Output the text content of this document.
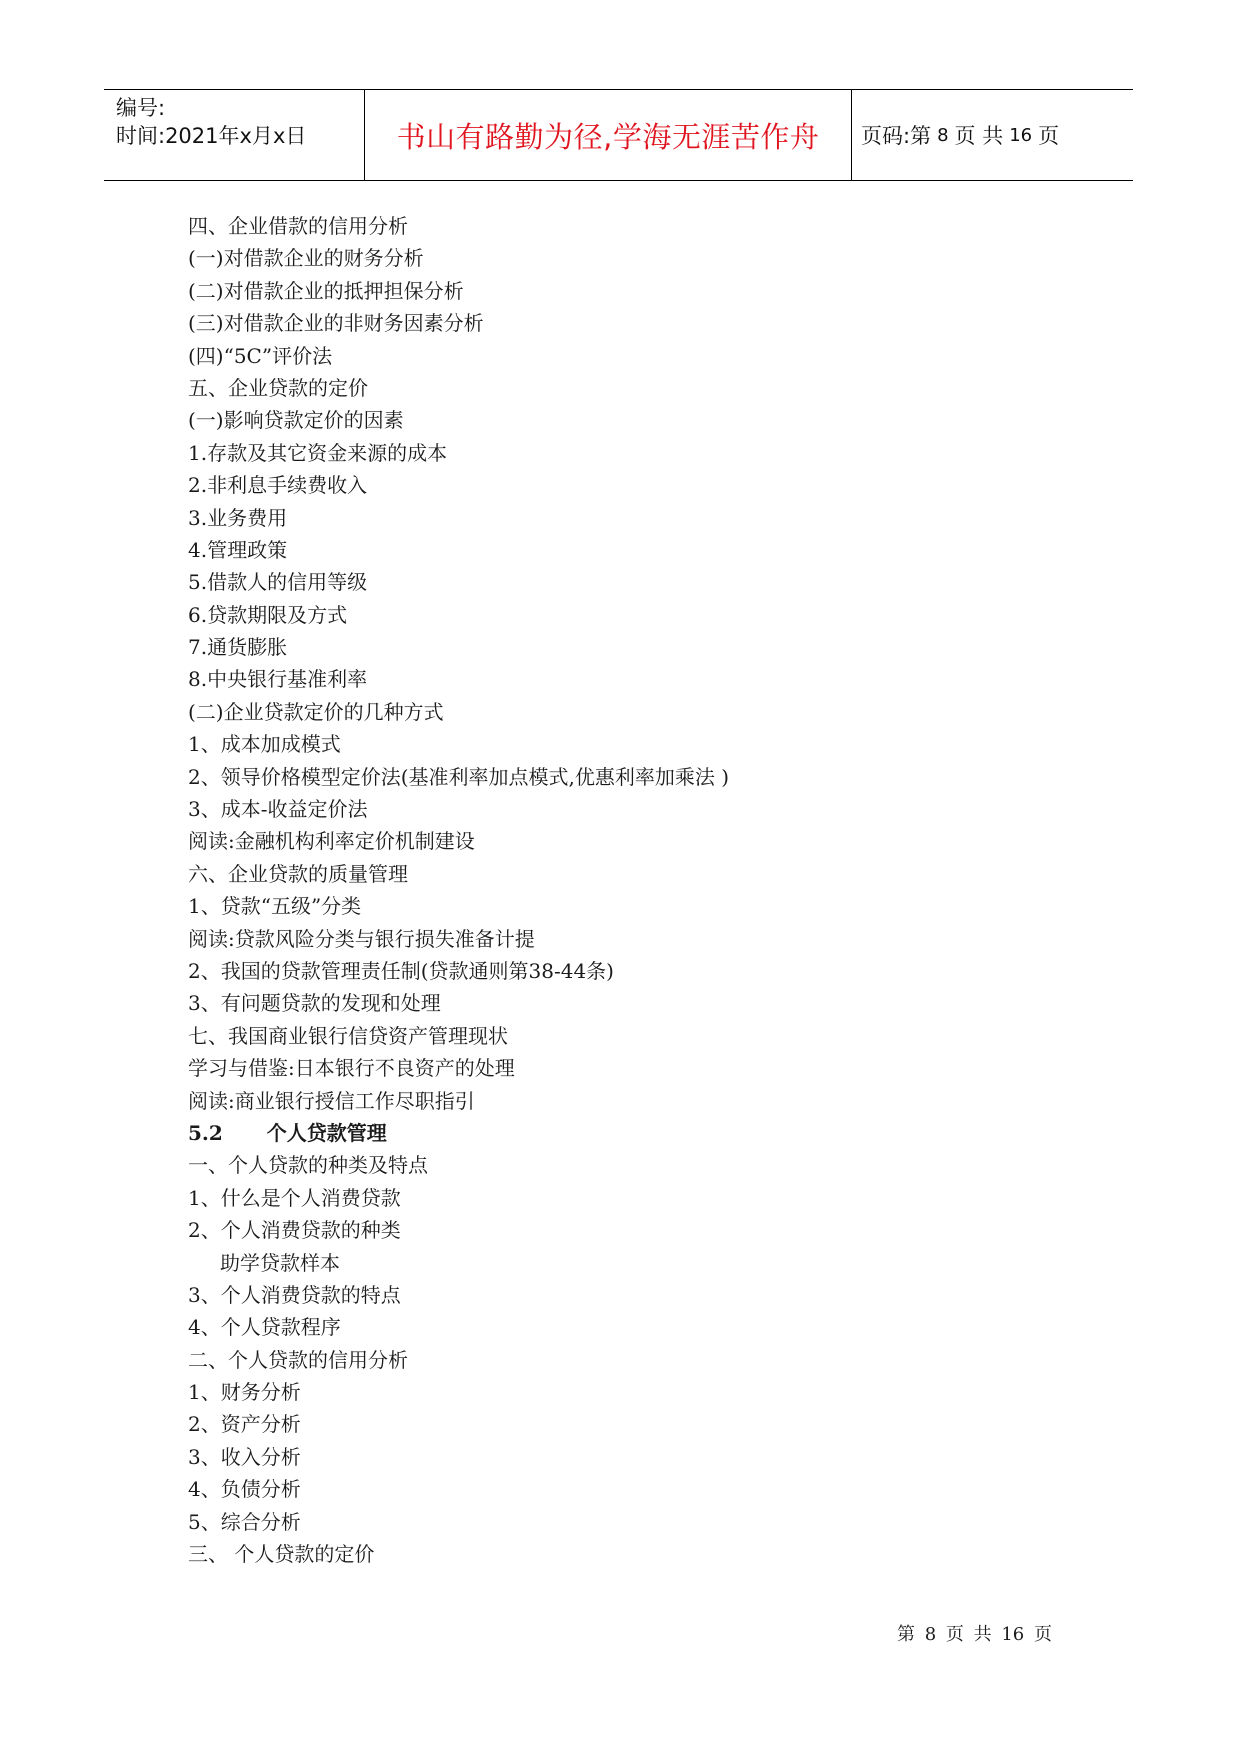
编号:
时间:2021年x月x日	书山有路勤为径,学海无涯苦作舟	页码:第 8 页 共 16 页
四、企业借款的信用分析
(一)对借款企业的财务分析
(二)对借款企业的抵押担保分析
(三)对借款企业的非财务因素分析
(四)“5C”评价法
五、企业贷款的定价
(一)影响贷款定价的因素
1.存款及其它资金来源的成本
2.非利息手续费收入
3.业务费用
4.管理政策
5.借款人的信用等级
6.贷款期限及方式
7.通货膨胀
8.中央银行基准利率
(二)企业贷款定价的几种方式
1、成本加成模式
2、领导价格模型定价法(基准利率加点模式,优惠利率加乘法 )
3、成本-收益定价法
阅读:金融机构利率定价机制建设
六、企业贷款的质量管理
1、贷款“五级”分类
阅读:贷款风险分类与银行损失准备计提
2、我国的贷款管理责任制(贷款通则第38-44条)
3、有问题贷款的发现和处理
七、我国商业银行信贷资产管理现状
学习与借鉴:日本银行不良资产的处理
阅读:商业银行授信工作尽职指引
5.2 个人贷款管理
一、个人贷款的种类及特点
1、什么是个人消费贷款
2、个人消费贷款的种类
助学贷款样本
3、个人消费贷款的特点
4、个人贷款程序
二、个人贷款的信用分析
1、财务分析
2、资产分析
3、收入分析
4、负债分析
5、综合分析
三、 个人贷款的定价
第 8 页 共 16 页
